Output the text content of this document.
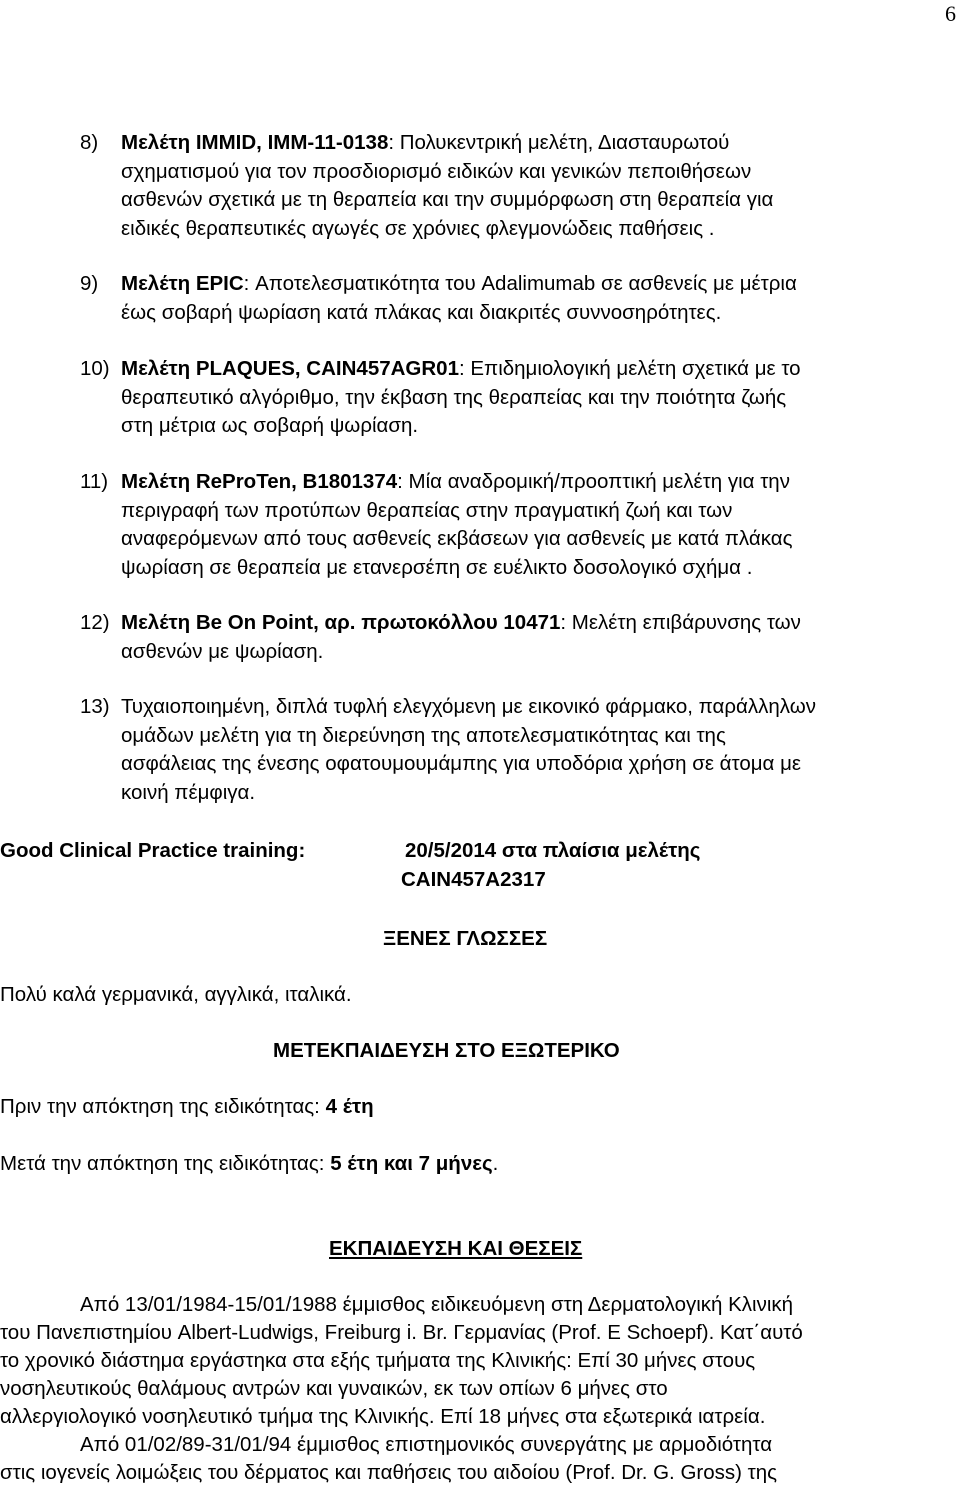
6
8) Μελέτη IMMID, IMM-11-0138: Πολυκεντρική μελέτη, Διασταυρωτού
σχηματισμού για τον προσδιορισμό ειδικών και γενικών πεποιθήσεων
ασθενών σχετικά με τη θεραπεία και την συμμόρφωση στη θεραπεία για
ειδικές θεραπευτικές αγωγές σε χρόνιες φλεγμονώδεις παθήσεις .
9) Μελέτη EPIC: Αποτελεσματικότητα του Adalimumab σε ασθενείς με μέτρια
έως σοβαρή ψωρίαση κατά πλάκας και διακριτές συννοσηρότητες.
10) Μελέτη PLAQUES, CAIN457AGR01: Επιδημιολογική μελέτη σχετικά με το
θεραπευτικό αλγόριθμο, την έκβαση της θεραπείας και την ποιότητα ζωής
στη μέτρια ως σοβαρή ψωρίαση.
11) Μελέτη ReProTen, B1801374: Μία αναδρομική/προοπτική μελέτη για την
περιγραφή των προτύπων θεραπείας στην πραγματική ζωή και των
αναφερόμενων από τους ασθενείς εκβάσεων για ασθενείς με κατά πλάκας
ψωρίαση σε θεραπεία με ετανερσέπη σε ευέλικτο δοσολογικό σχήμα .
12) Μελέτη Be On Point, αρ. πρωτοκόλλου 10471: Μελέτη επιβάρυνσης των
ασθενών με ψωρίαση.
13) Τυχαιοποιημένη, διπλά τυφλή ελεγχόμενη με εικονικό φάρμακο, παράλληλων
ομάδων μελέτη για τη διερεύνηση της αποτελεσματικότητας και της
ασφάλειας της ένεσης οφατουμουμάμπης για υποδόρια χρήση σε άτομα με
κοινή πέμφιγα.
Good Clinical Practice training:	20/5/2014 στα πλαίσια μελέτης
CAIN457A2317
ΞΕΝΕΣ ΓΛΩΣΣΕΣ
Πολύ καλά γερμανικά, αγγλικά, ιταλικά.
ΜΕΤΕΚΠΑΙΔΕΥΣΗ ΣΤΟ ΕΞΩΤΕΡΙΚΟ
Πριν την απόκτηση της ειδικότητας: 4 έτη
Μετά την απόκτηση της ειδικότητας: 5 έτη και 7 μήνες.
ΕΚΠΑΙΔΕΥΣΗ ΚΑΙ ΘΕΣΕΙΣ
Από 13/01/1984-15/01/1988 έμμισθος ειδικευόμενη στη Δερματολογική Κλινική
του Πανεπιστημίου Albert-Ludwigs, Freiburg i. Br. Γερμανίας (Prof. E Schoepf). Κατ΄αυτό
το χρονικό διάστημα εργάστηκα στα εξής τμήματα της Κλινικής: Επί 30 μήνες στους
νοσηλευτικούς θαλάμους αντρών και γυναικών, εκ των οπίων 6 μήνες στο
αλλεργιολογικό νοσηλευτικό τμήμα της Κλινικής. Επί 18 μήνες στα εξωτερικά ιατρεία.
Από 01/02/89-31/01/94 έμμισθος επιστημονικός συνεργάτης με αρμοδιότητα
στις ιογενείς λοιμώξεις του δέρματος και παθήσεις του αιδοίου (Prof. Dr. G. Gross) της
